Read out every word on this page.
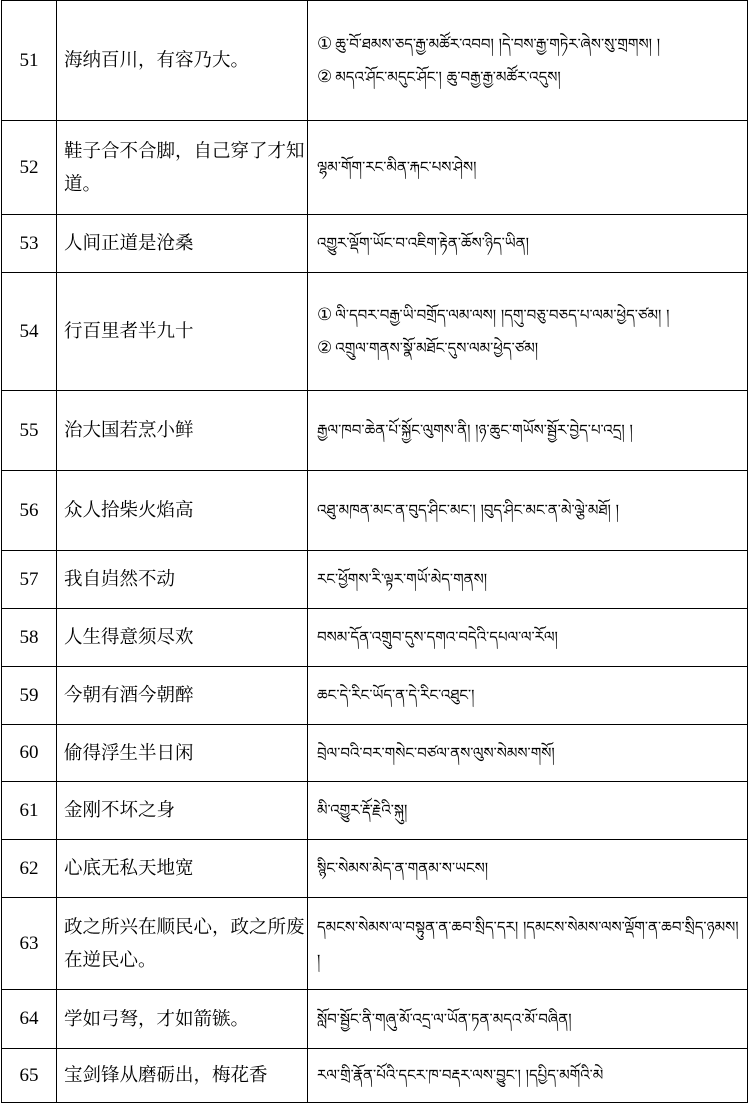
51	海纳百川，有容乃大。	① ཆུ་བོ་ཐམས་ཅད་རྒྱ་མཚོར་འབབ། །དེ་བས་རྒྱ་གཏེར་ཞེས་སུ་གྲགས། །
② མདའ་ཤོང་མདུང་ཤོང་། ཆུ་བརྒྱ་རྒྱ་མཚོར་འདུས།

52	鞋子合不合脚，自己穿了才知道。	ལྷམ་གོག་རང་མིན་རྐང་པས་ཤེས།
53	人间正道是沧桑	འགྱུར་ལྡོག་ཡོང་བ་འཇིག་རྟེན་ཆོས་ཉིད་ཡིན།
54	行百里者半九十	① ལི་དབར་བརྒྱ་ཡི་བགྲོད་ལམ་ལས། །དགུ་བཅུ་བཅད་པ་ལམ་ཕྱེད་ཙམ། །
② འགྲུལ་གནས་སྣོ་མཐོང་དུས་ལམ་ཕྱེད་ཙམ།

55	治大国若烹小鲜	རྒྱལ་ཁབ་ཆེན་པོ་སྐྱོང་ལུགས་ནི། །ཉ་ཆུང་གཡོས་སྦྱོར་བྱེད་པ་འདྲ། །
56	众人拾柴火焰高	འཐུ་མཁན་མང་ན་བུད་ཤིང་མང་། །བུད་ཤིང་མང་ན་མེ་ལྕེ་མཐོ། །
57	我自岿然不动	རང་ཕྱོགས་རི་ལྟར་གཡོ་མེད་གནས།
58	人生得意须尽欢	བསམ་དོན་འགྲུབ་དུས་དགའ་བདེའི་དཔལ་ལ་རོལ།
59	今朝有酒今朝醉	ཆང་དེ་རིང་ཡོད་ན་དེ་རིང་འཐུང་།
60	偷得浮生半日闲	བྲེལ་བའི་བར་གསེང་བཙལ་ནས་ལུས་སེམས་གསོ།
61	金刚不坏之身	མི་འགྱུར་རྡོ་རྗེའི་སྐུ།
62	心底无私天地宽	སྙིང་སེམས་མེད་ན་གནམ་ས་ཡངས།
63	政之所兴在顺民心，政之所废在逆民心。	དམངས་སེམས་ལ་བསྟུན་ན་ཆབ་སྲིད་དར། །དམངས་སེམས་ལས་ལྡོག་ན་ཆབ་སྲིད་ཉམས། །
64	学如弓弩，才如箭镞。	སློབ་སྦྱོང་ནི་གཞུ་མོ་འདྲ་ལ་ཡོན་ཏན་མདའ་མོ་བཞིན།
65	宝剑锋从磨砺出，梅花香	རལ་གྲི་རྣོན་པོའི་དངར་ཁ་བརྡར་ལས་བྱུང་། །དཔྱིད་མགོའི་མེ
